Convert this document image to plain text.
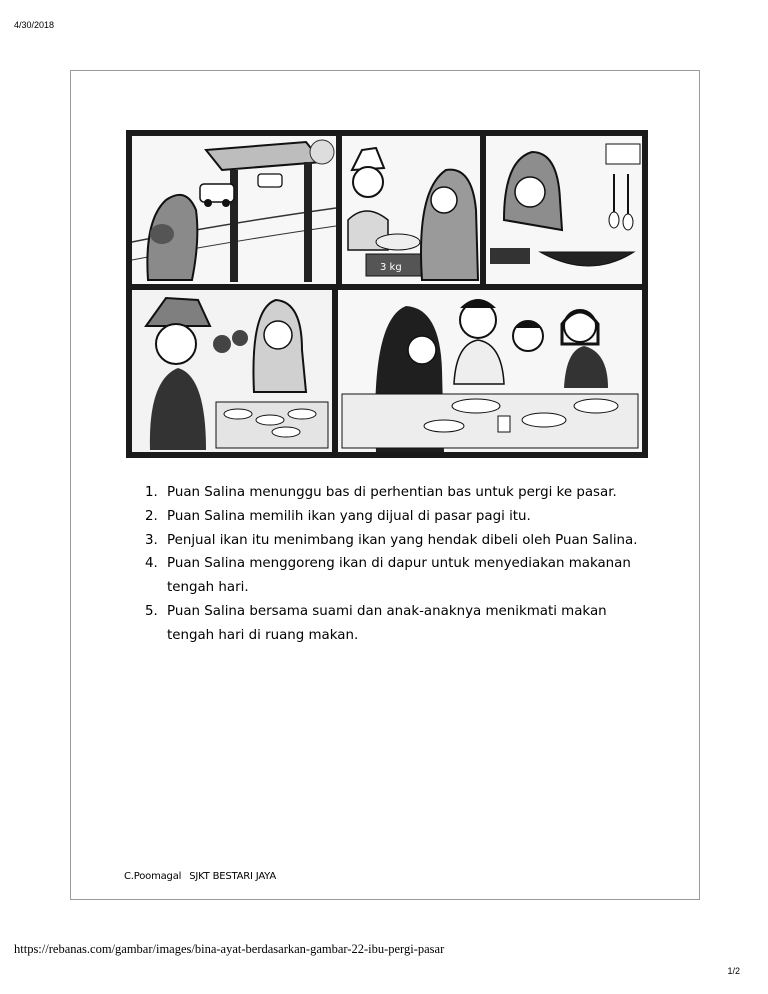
4/30/2018
3 kg
1. Puan Salina menunggu bas di perhentian bas untuk pergi ke pasar.
2. Puan Salina memilih ikan yang dijual di pasar pagi itu.
3. Penjual ikan itu menimbang ikan yang hendak dibeli oleh Puan Salina.
4. Puan Salina menggoreng ikan di dapur untuk menyediakan makanan tengah hari.
5. Puan Salina bersama suami dan anak-anaknya menikmati makan tengah hari di ruang makan.
C.Poomagal SJKT BESTARI JAYA
https://rebanas.com/gambar/images/bina-ayat-berdasarkan-gambar-22-ibu-pergi-pasar
1/2
